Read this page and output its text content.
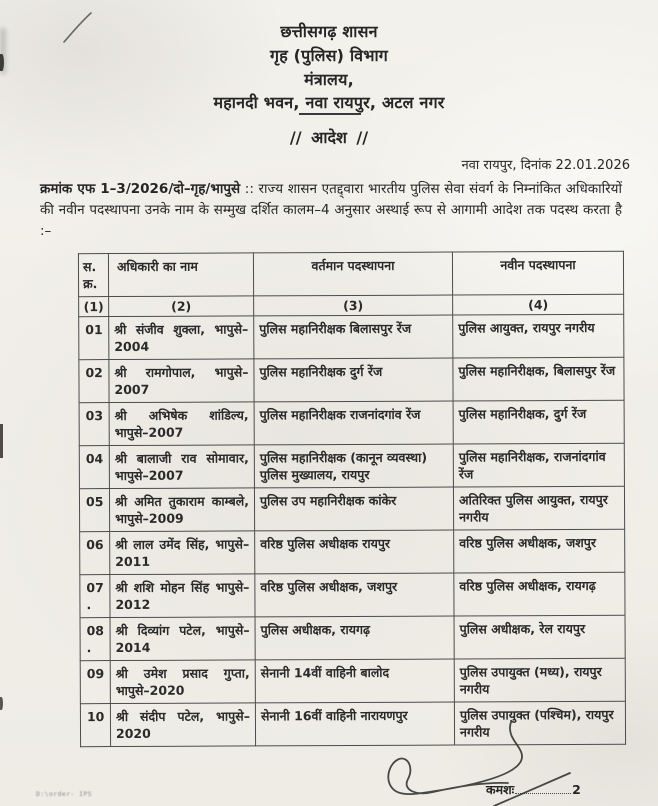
छत्तीसगढ़ शासन
गृह (पुलिस) विभाग
मंत्रालय,
महानदी भवन, नवा रायपुर, अटल नगर
// आदेश //
नवा रायपुर, दिनांक 22.01.2026

क्रमांक एफ 1–3/2026/दो–गृह/भापुसे :: राज्य शासन एतद्द्वारा भारतीय पुलिस सेवा संवर्ग के निम्नांकित अधिकारियों की नवीन पदस्थापना उनके नाम के सम्मुख दर्शित कालम–4 अनुसार अस्थाई रूप से आगामी आदेश तक पदस्थ करता है :–

स.
क्र.	अधिकारी का नाम	वर्तमान पदस्थापना	नवीन पदस्थापना
(1)	(2)	(3)	(4)
01	श्री संजीव शुक्ला, भापुसे–2004	पुलिस महानिरीक्षक बिलासपुर रेंज	पुलिस आयुक्त, रायपुर नगरीय
02	श्री रामगोपाल, भापुसे–2007	पुलिस महानिरीक्षक दुर्ग रेंज	पुलिस महानिरीक्षक, बिलासपुर रेंज
03	श्री अभिषेक शांडिल्य, भापुसे–2007	पुलिस महानिरीक्षक राजनांदगांव रेंज	पुलिस महानिरीक्षक, दुर्ग रेंज
04	श्री बालाजी राव सोमावार, भापुसे–2007	पुलिस महानिरीक्षक (कानून व्यवस्था) पुलिस मुख्यालय, रायपुर	पुलिस महानिरीक्षक, राजनांदगांव रेंज
05	श्री अमित तुकाराम काम्बले, भापुसे–2009	पुलिस उप महानिरीक्षक कांकेर	अतिरिक्त पुलिस आयुक्त, रायपुर नगरीय
06	श्री लाल उमेंद सिंह, भापुसे–2011	वरिष्ठ पुलिस अधीक्षक रायपुर	वरिष्ठ पुलिस अधीक्षक, जशपुर
07
.	श्री शशि मोहन सिंह भापुसे– 2012	वरिष्ठ पुलिस अधीक्षक, जशपुर	वरिष्ठ पुलिस अधीक्षक, रायगढ़
08
.	श्री दिव्यांग पटेल, भापुसे–2014	पुलिस अधीक्षक, रायगढ़	पुलिस अधीक्षक, रेल रायपुर
09	श्री उमेश प्रसाद गुप्ता, भापुसे–2020	सेनानी 14वीं वाहिनी बालोद	पुलिस उपायुक्त (मध्य), रायपुर नगरीय
10	श्री संदीप पटेल, भापुसे–2020	सेनानी 16वीं वाहिनी नारायणपुर	पुलिस उपायुक्त (पश्चिम), रायपुर नगरीय
कमशः	2
D:\order- IPS
